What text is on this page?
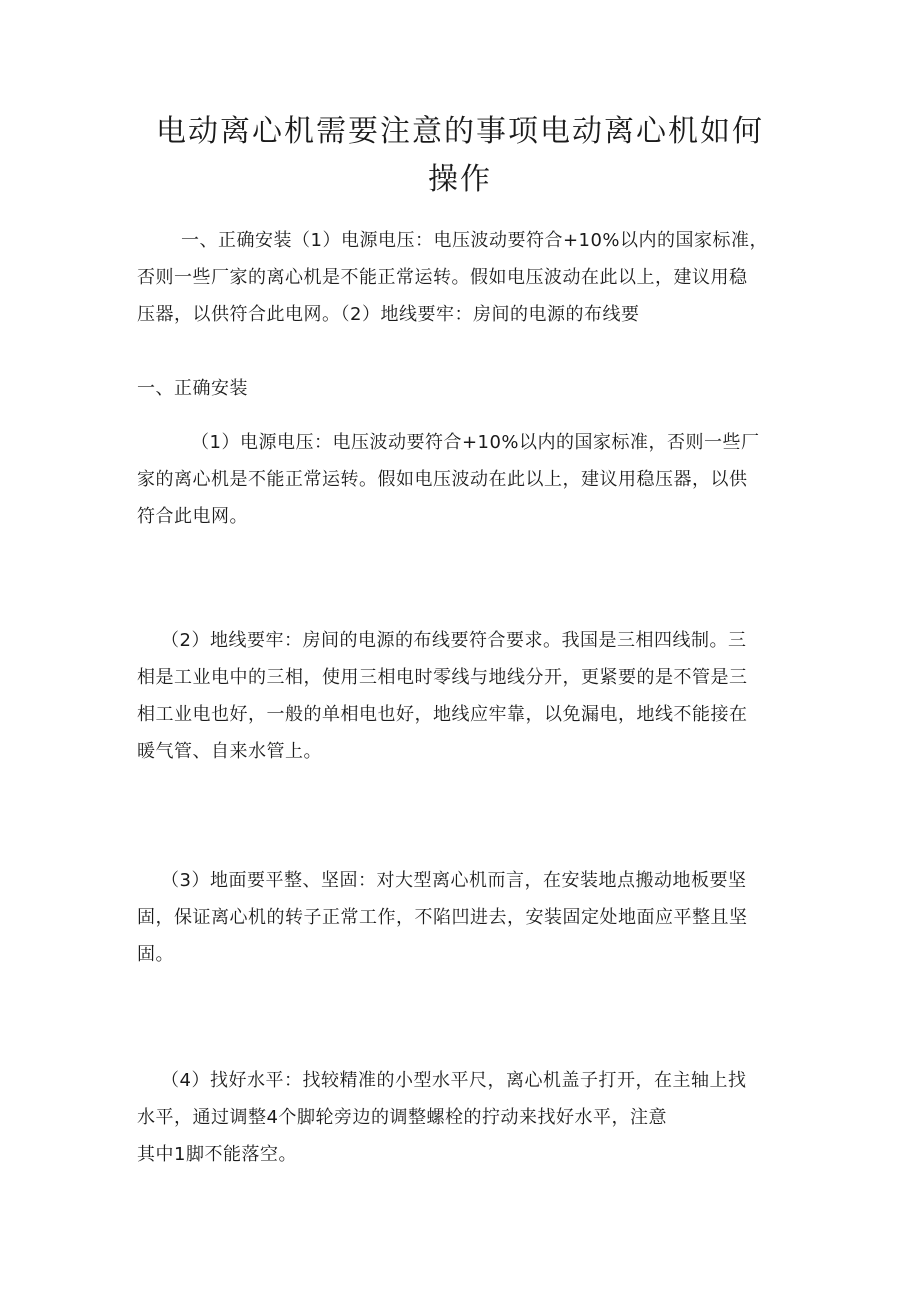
电动离心机需要注意的事项电动离心机如何
操作

一、正确安装（1）电源电压：电压波动要符合+10%以内的国家标准，
否则一些厂家的离心机是不能正常运转。假如电压波动在此以上，建议用稳
压器，以供符合此电网。（2）地线要牢：房间的电源的布线要

一、正确安装

（1）电源电压：电压波动要符合+10%以内的国家标准，否则一些厂
家的离心机是不能正常运转。假如电压波动在此以上，建议用稳压器，以供
符合此电网。

（2）地线要牢：房间的电源的布线要符合要求。我国是三相四线制。三
相是工业电中的三相，使用三相电时零线与地线分开，更紧要的是不管是三
相工业电也好，一般的单相电也好，地线应牢靠，以免漏电，地线不能接在
暖气管、自来水管上。

（3）地面要平整、坚固：对大型离心机而言，在安装地点搬动地板要坚
固，保证离心机的转子正常工作，不陷凹进去，安装固定处地面应平整且坚
固。

（4）找好水平：找较精准的小型水平尺，离心机盖子打开，在主轴上找
水平，通过调整4个脚轮旁边的调整螺栓的拧动来找好水平，注意
其中1脚不能落空。
